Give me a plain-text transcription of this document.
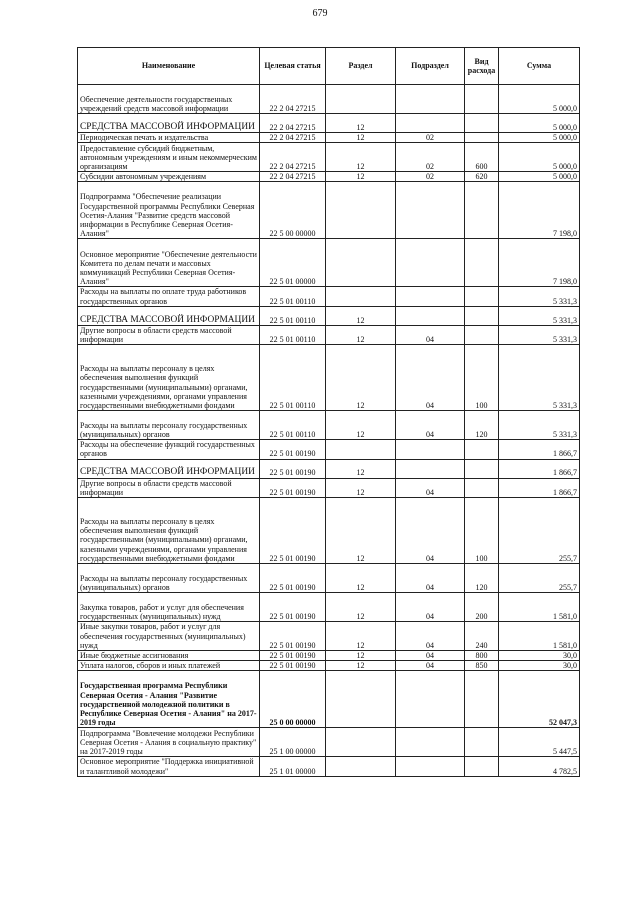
679
Наименование	Целевая статья	Раздел	Подраздел	Вид расхода	Сумма
Обеспечение деятельности государственных учреждений средств массовой информации	22 2 04 27215				5 000,0
СРЕДСТВА МАССОВОЙ ИНФОРМАЦИИ	22 2 04 27215	12			5 000,0
Периодическая печать и издательства	22 2 04 27215	12	02		5 000,0
Предоставление субсидий бюджетным, автономным учреждениям и иным некоммерческим организациям	22 2 04 27215	12	02	600	5 000,0
Субсидии автономным учреждениям	22 2 04 27215	12	02	620	5 000,0
Подпрограмма "Обеспечение реализации Государственной программы Республики Северная Осетия-Алания "Развитие средств массовой информации в Республике Северная Осетия-Алания"	22 5 00 00000				7 198,0
Основное мероприятие "Обеспечение деятельности Комитета по делам печати и массовых коммуникаций Республики Северная Осетия-Алания"	22 5 01 00000				7 198,0
Расходы на выплаты по оплате труда работников государственных органов	22 5 01 00110				5 331,3
СРЕДСТВА МАССОВОЙ ИНФОРМАЦИИ	22 5 01 00110	12			5 331,3
Другие вопросы в области средств массовой информации	22 5 01 00110	12	04		5 331,3
Расходы на выплаты персоналу в целях обеспечения выполнения функций государственными (муниципальными) органами, казенными учреждениями, органами управления государственными внебюджетными фондами	22 5 01 00110	12	04	100	5 331,3
Расходы на выплаты персоналу государственных (муниципальных) органов	22 5 01 00110	12	04	120	5 331,3
Расходы на обеспечение функций государственных органов	22 5 01 00190				1 866,7
СРЕДСТВА МАССОВОЙ ИНФОРМАЦИИ	22 5 01 00190	12			1 866,7
Другие вопросы в области средств массовой информации	22 5 01 00190	12	04		1 866,7
Расходы на выплаты персоналу в целях обеспечения выполнения функций государственными (муниципальными) органами, казенными учреждениями, органами управления государственными внебюджетными фондами	22 5 01 00190	12	04	100	255,7
Расходы на выплаты персоналу государственных (муниципальных) органов	22 5 01 00190	12	04	120	255,7
Закупка товаров, работ и услуг для обеспечения государственных (муниципальных) нужд	22 5 01 00190	12	04	200	1 581,0
Иные закупки товаров, работ и услуг для обеспечения государственных (муниципальных) нужд	22 5 01 00190	12	04	240	1 581,0
Иные бюджетные ассигнования	22 5 01 00190	12	04	800	30,0
Уплата налогов, сборов и иных платежей	22 5 01 00190	12	04	850	30,0
Государственная программа Республики Северная Осетия - Алания "Развитие государственной молодежной политики в Республике Северная Осетия - Алания" на 2017-2019 годы	25 0 00 00000				52 047,3
Подпрограмма "Вовлечение молодежи Республики Северная Осетия - Алания в социальную практику" на 2017-2019 годы	25 1 00 00000				5 447,5
Основное мероприятие "Поддержка инициативной и талантливой молодежи"	25 1 01 00000				4 782,5
